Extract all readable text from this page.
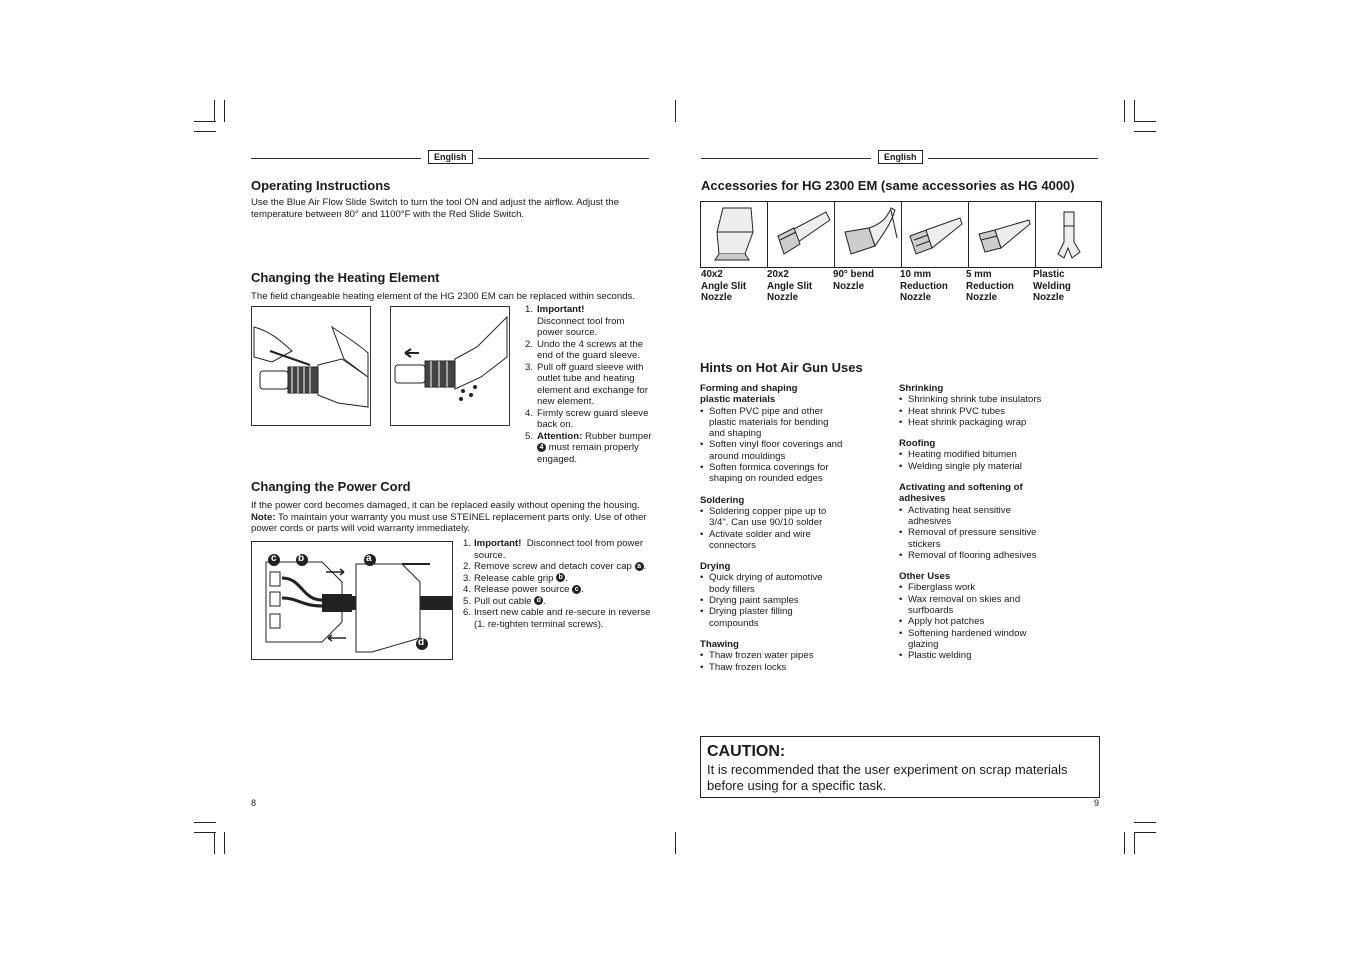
English
Operating Instructions
Use the Blue Air Flow Slide Switch to turn the tool ON and adjust the airflow. Adjust the temperature between 80° and 1100°F with the Red Slide Switch.
Changing the Heating Element
The field changeable heating element of the HG 2300 EM can be replaced within seconds.
1. Important!
Disconnect tool from power source.
2. Undo the 4 screws at the end of the guard sleeve.
3. Pull off guard sleeve with outlet tube and heating element and exchange for new element.
4. Firmly screw guard sleeve back on.
5. Attention: Rubber bumper 4 must remain properly engaged.
Changing the Power Cord
If the power cord becomes damaged, it can be replaced easily without opening the housing.
Note: To maintain your warranty you must use STEINEL replacement parts only. Use of other power cords or parts will void warranty immediately.
c b	a
d
1. Important! Disconnect tool from power source.
2. Remove screw and detach cover cap a .
3. Release cable grip b .
4. Release power source c .
5. Pull out cable d .
6. Insert new cable and re-secure in reverse (1. re-tighten terminal screws).
8
English
Accessories for HG 2300 EM (same accessories as HG 4000)
40x2
Angle Slit
Nozzle
20x2
Angle Slit
Nozzle
90° bend
Nozzle
10 mm
Reduction
Nozzle
5 mm
Reduction
Nozzle
Plastic
Welding
Nozzle
Hints on Hot Air Gun Uses
Forming and shaping plastic materials
• Soften PVC pipe and other plastic materials for bending and shaping
• Soften vinyl floor coverings and around mouldings
• Soften formica coverings for shaping on rounded edges
Soldering
• Soldering copper pipe up to 3/4". Can use 90/10 solder
• Activate solder and wire connectors
Drying
• Quick drying of automotive body fillers
• Drying paint samples
• Drying plaster filling compounds
Thawing
• Thaw frozen water pipes
• Thaw frozen locks
Shrinking
• Shrinking shrink tube insulators
• Heat shrink PVC tubes
• Heat shrink packaging wrap
Roofing
• Heating modified bitumen
• Welding single ply material
Activating and softening of adhesives
• Activating heat sensitive adhesives
• Removal of pressure sensitive stickers
• Removal of flooring adhesives
Other Uses
• Fiberglass work
• Wax removal on skies and surfboards
• Apply hot patches
• Softening hardened window glazing
• Plastic welding
CAUTION:
It is recommended that the user experiment on scrap materials before using for a specific task.
9
